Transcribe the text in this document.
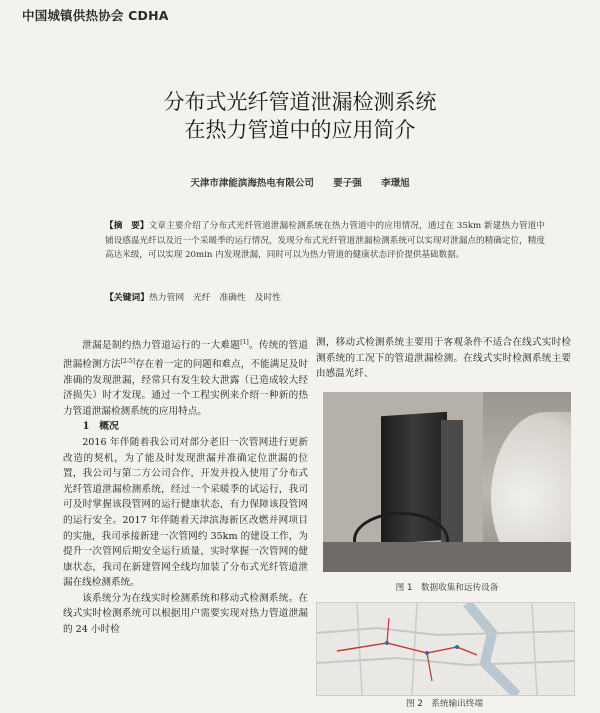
中国城镇供热协会 CDHA
分布式光纤管道泄漏检测系统
在热力管道中的应用简介
天津市津能滨海热电有限公司 要子强 李璟旭
【摘　要】文章主要介绍了分布式光纤管道泄漏检测系统在热力管道中的应用情况，通过在 35km 新建热力管道中铺设感温光纤以及近一个采暖季的运行情况，发现分布式光纤管道泄漏检测系统可以实现对泄漏点的精确定位，精度高达米级，可以实现 20min 内发现泄漏，同时可以为热力管道的健康状态评价提供基础数据。
【关键词】热力管网　光纤　准确性　及时性

泄漏是制约热力管道运行的一大难题[1]。传统的管道泄漏检测方法[2-5]存在着一定的问题和难点，不能满足及时准确的发现泄漏，经常只有发生较大泄露（已造成较大经济损失）时才发现。通过一个工程实例来介绍一种新的热力管道泄漏检测系统的应用特点。

1　概况

2016 年伴随着我公司对部分老旧一次管网进行更新改造的契机，为了能及时发现泄漏并准确定位泄漏的位置，我公司与第二方公司合作，开发并投入使用了分布式光纤管道泄漏检测系统，经过一个采暖季的试运行，我司可及时掌握该段管网的运行健康状态，有力保障该段管网的运行安全。2017 年伴随着天津滨海新区改燃并网项目的实施，我司承接新建一次管网约 35km 的建设工作，为提升一次管网后期安全运行质量，实时掌握一次管网的健康状态，我司在新建管网全线均加装了分布式光纤管道泄漏在线检测系统。

该系统分为在线实时检测系统和移动式检测系统。在线式实时检测系统可以根据用户需要实现对热力管道泄漏的 24 小时检

测，移动式检测系统主要用于客观条件不适合在线式实时检测系统的工况下的管道泄漏检测。在线式实时检测系统主要由感温光纤、

图 1　数据收集和远传设备
图 2　系统输出终端
